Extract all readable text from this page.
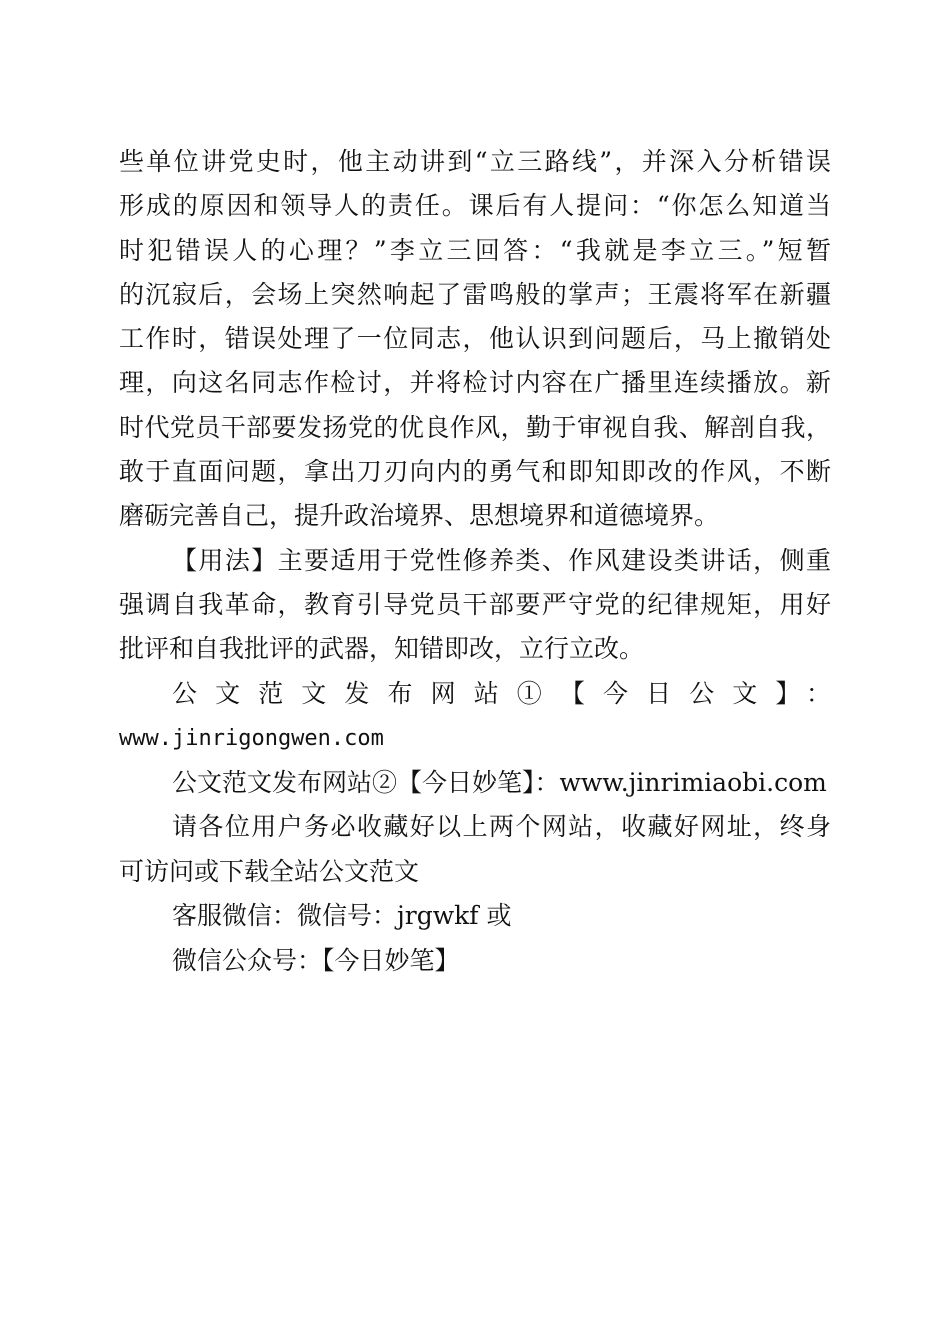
些单位讲党史时，他主动讲到“立三路线”，并深入分析错误
形成的原因和领导人的责任。课后有人提问：“你怎么知道当
时犯错误人的心理？”李立三回答：“我就是李立三。”短暂
的沉寂后，会场上突然响起了雷鸣般的掌声；王震将军在新疆
工作时，错误处理了一位同志，他认识到问题后，马上撤销处
理，向这名同志作检讨，并将检讨内容在广播里连续播放。新
时代党员干部要发扬党的优良作风，勤于审视自我、解剖自我，
敢于直面问题，拿出刀刃向内的勇气和即知即改的作风，不断
磨砺完善自己，提升政治境界、思想境界和道德境界。
【用法】主要适用于党性修养类、作风建设类讲话，侧重
强调自我革命，教育引导党员干部要严守党的纪律规矩，用好
批评和自我批评的武器，知错即改，立行立改。
公文范文发布网站①【今日公文】：
www.jinrigongwen.com
公文范文发布网站②【今日妙笔】：www.jinrimiaobi.com
请各位用户务必收藏好以上两个网站，收藏好网址，终身
可访问或下载全站公文范文
客服微信：微信号：jrgwkf 或
微信公众号：【今日妙笔】
